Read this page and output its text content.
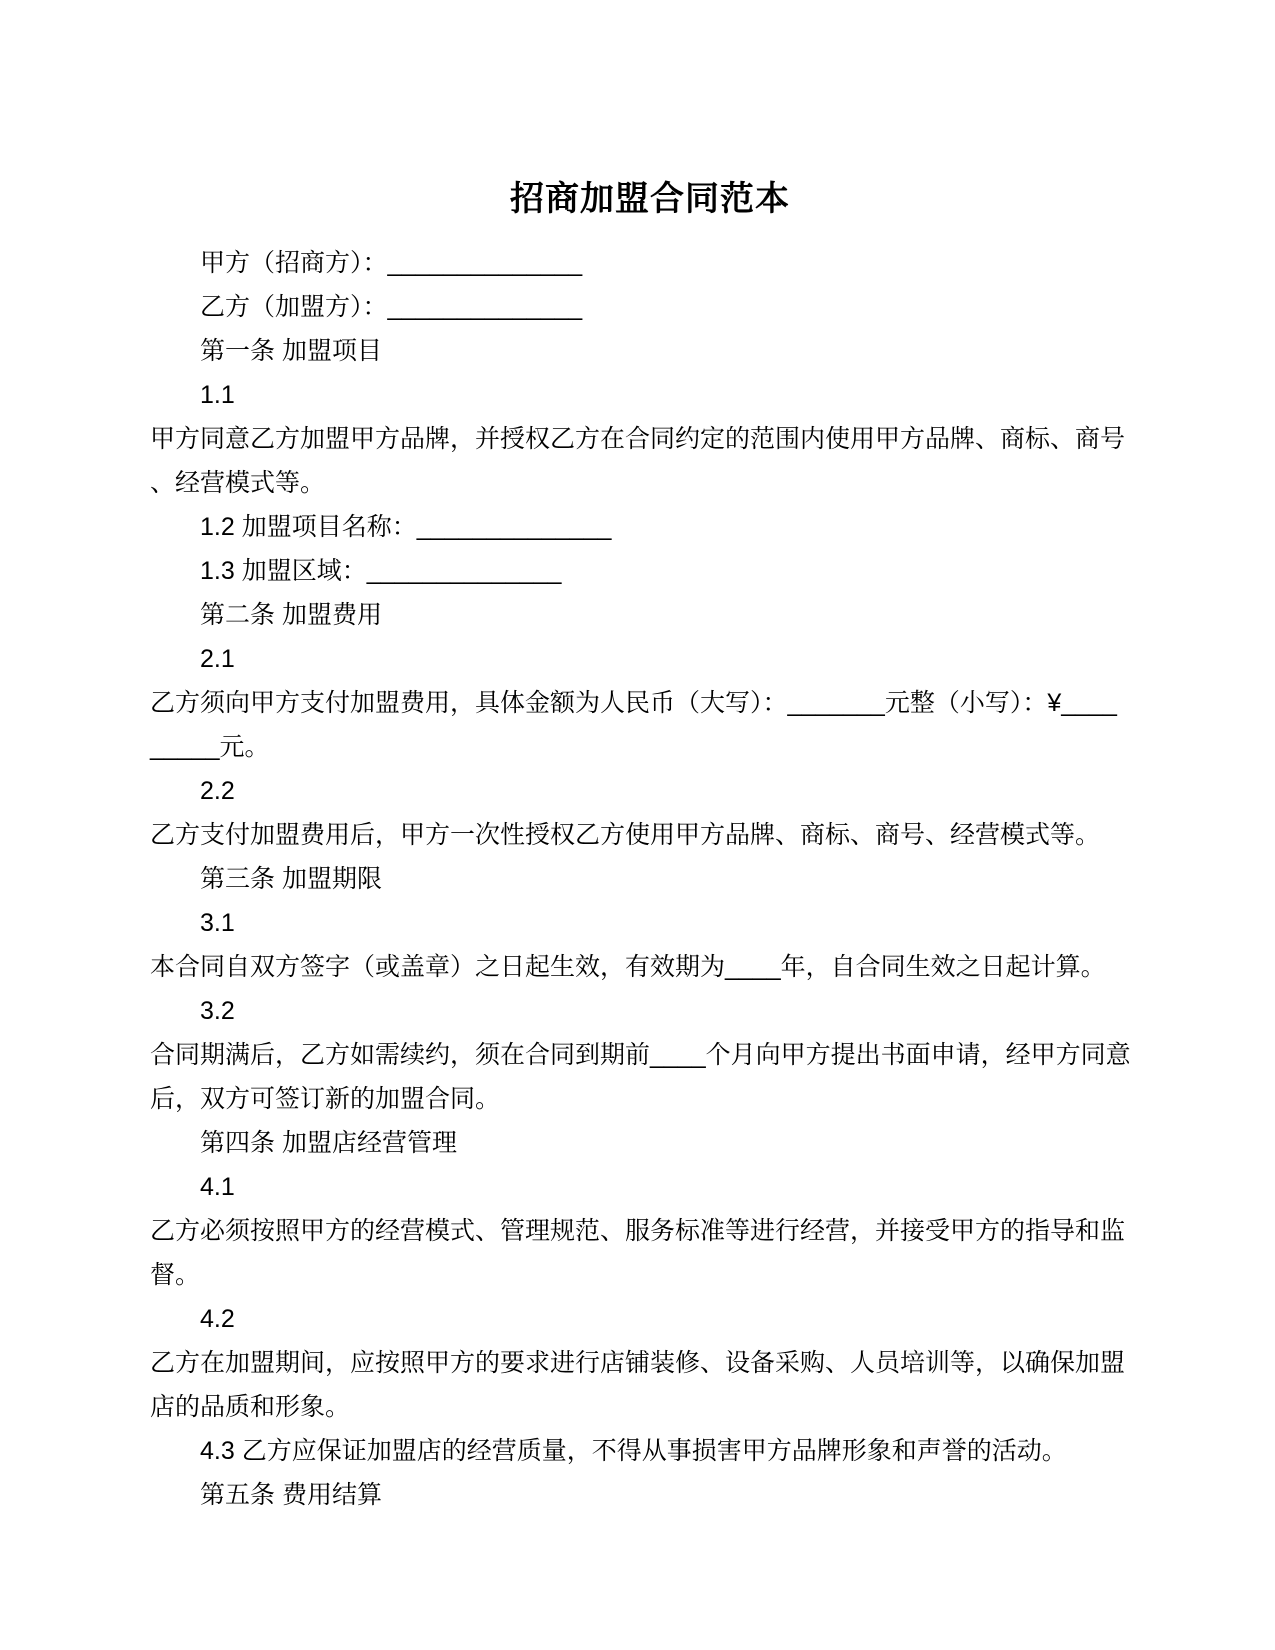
招商加盟合同范本
甲方（招商方）：______________
乙方（加盟方）：______________
第一条 加盟项目
1.1
甲方同意乙方加盟甲方品牌，并授权乙方在合同约定的范围内使用甲方品牌、商标、商号
、经营模式等。
1.2 加盟项目名称：______________
1.3 加盟区域：______________
第二条 加盟费用
2.1
乙方须向甲方支付加盟费用，具体金额为人民币（大写）：_______元整（小写）：¥____
_____元。
2.2
乙方支付加盟费用后，甲方一次性授权乙方使用甲方品牌、商标、商号、经营模式等。
第三条 加盟期限
3.1
本合同自双方签字（或盖章）之日起生效，有效期为____年，自合同生效之日起计算。
3.2
合同期满后，乙方如需续约，须在合同到期前____个月向甲方提出书面申请，经甲方同意
后，双方可签订新的加盟合同。
第四条 加盟店经营管理
4.1
乙方必须按照甲方的经营模式、管理规范、服务标准等进行经营，并接受甲方的指导和监
督。
4.2
乙方在加盟期间，应按照甲方的要求进行店铺装修、设备采购、人员培训等，以确保加盟
店的品质和形象。
4.3 乙方应保证加盟店的经营质量，不得从事损害甲方品牌形象和声誉的活动。
第五条 费用结算
